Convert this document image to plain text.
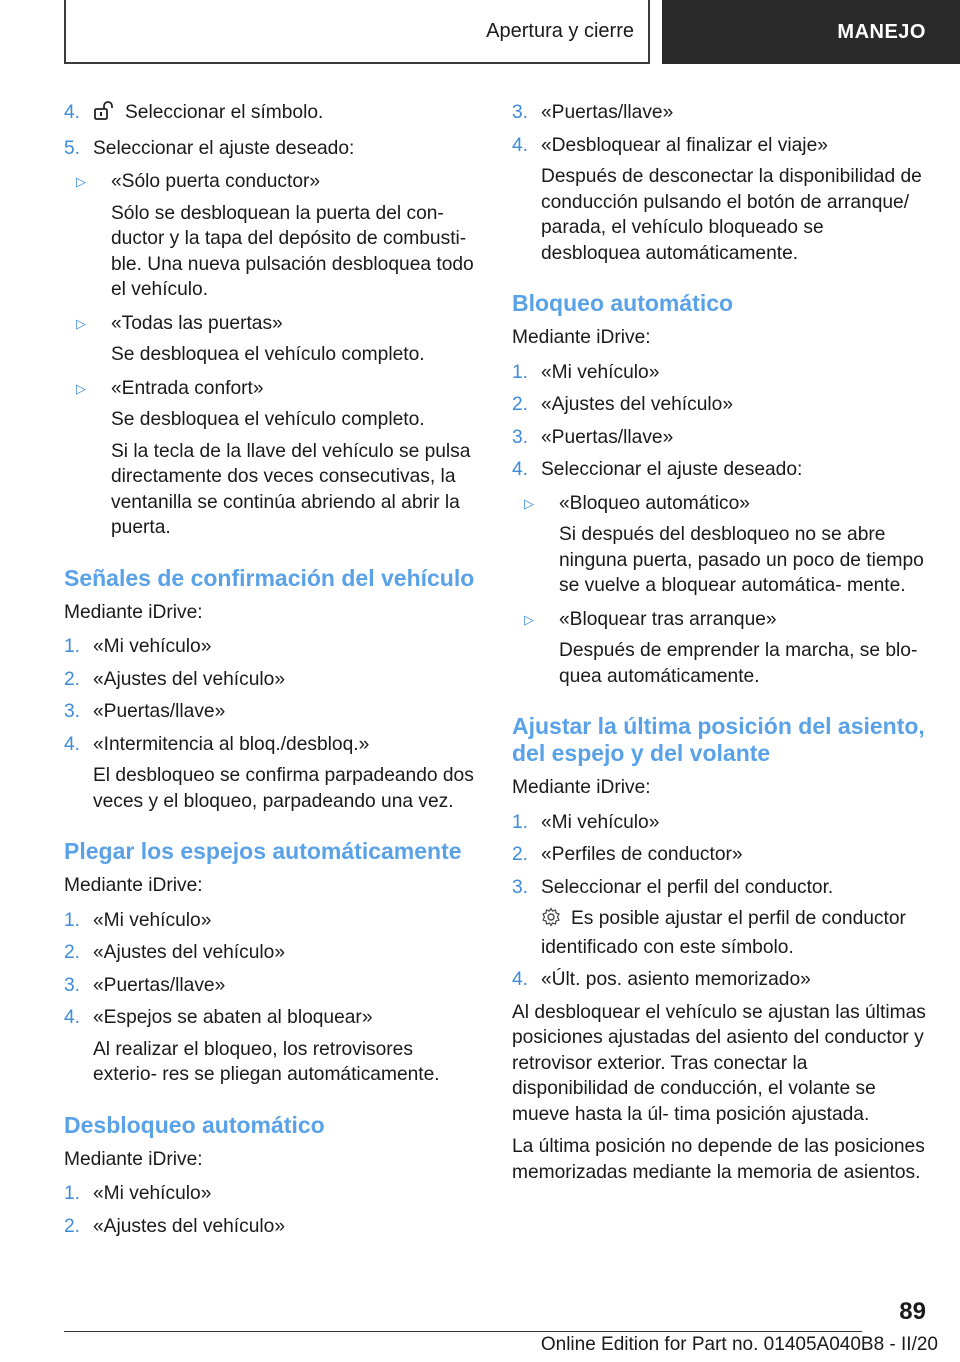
Apertura y cierre	MANEJO
4.	Seleccionar el símbolo.
5. Seleccionar el ajuste deseado:
▷	«Sólo puerta conductor»

Sólo se desbloquean la puerta del con‐ ductor y la tapa del depósito de combusti‐ ble. Una nueva pulsación desbloquea todo el vehículo.

▷	«Todas las puertas»

Se desbloquea el vehículo completo.

▷	«Entrada confort»

Se desbloquea el vehículo completo.

Si la tecla de la llave del vehículo se pulsa directamente dos veces consecutivas, la ventanilla se continúa abriendo al abrir la puerta.

Señales de confirmación del vehículo

Mediante iDrive:

1. «Mi vehículo»
2. «Ajustes del vehículo»
3. «Puertas/llave»
4. «Intermitencia al bloq./desbloq.»

El desbloqueo se confirma parpadeando dos veces y el bloqueo, parpadeando una vez.

Plegar los espejos automáticamente

Mediante iDrive:

1. «Mi vehículo»
2. «Ajustes del vehículo»
3. «Puertas/llave»
4. «Espejos se abaten al bloquear»

Al realizar el bloqueo, los retrovisores exterio‐ res se pliegan automáticamente.

Desbloqueo automático

Mediante iDrive:

1. «Mi vehículo»
2. «Ajustes del vehículo»
3. «Puertas/llave»
4. «Desbloquear al finalizar el viaje»

Después de desconectar la disponibilidad de conducción pulsando el botón de arranque/ parada, el vehículo bloqueado se desbloquea automáticamente.

Bloqueo automático

Mediante iDrive:

1. «Mi vehículo»
2. «Ajustes del vehículo»
3. «Puertas/llave»
4. Seleccionar el ajuste deseado:
▷	«Bloqueo automático»

Si después del desbloqueo no se abre ninguna puerta, pasado un poco de tiempo se vuelve a bloquear automática‐ mente.

▷	«Bloquear tras arranque»

Después de emprender la marcha, se blo‐ quea automáticamente.

Ajustar la última posición del asiento, del espejo y del volante

Mediante iDrive:

1. «Mi vehículo»
2. «Perfiles de conductor»
3. Seleccionar el perfil del conductor.

Es posible ajustar el perfil de conductor identificado con este símbolo.

4. «Últ. pos. asiento memorizado»

Al desbloquear el vehículo se ajustan las últimas posiciones ajustadas del asiento del conductor y retrovisor exterior. Tras conectar la disponibilidad de conducción, el volante se mueve hasta la úl‐ tima posición ajustada.

La última posición no depende de las posiciones memorizadas mediante la memoria de asientos.

89
Online Edition for Part no. 01405A040B8 - II/20
